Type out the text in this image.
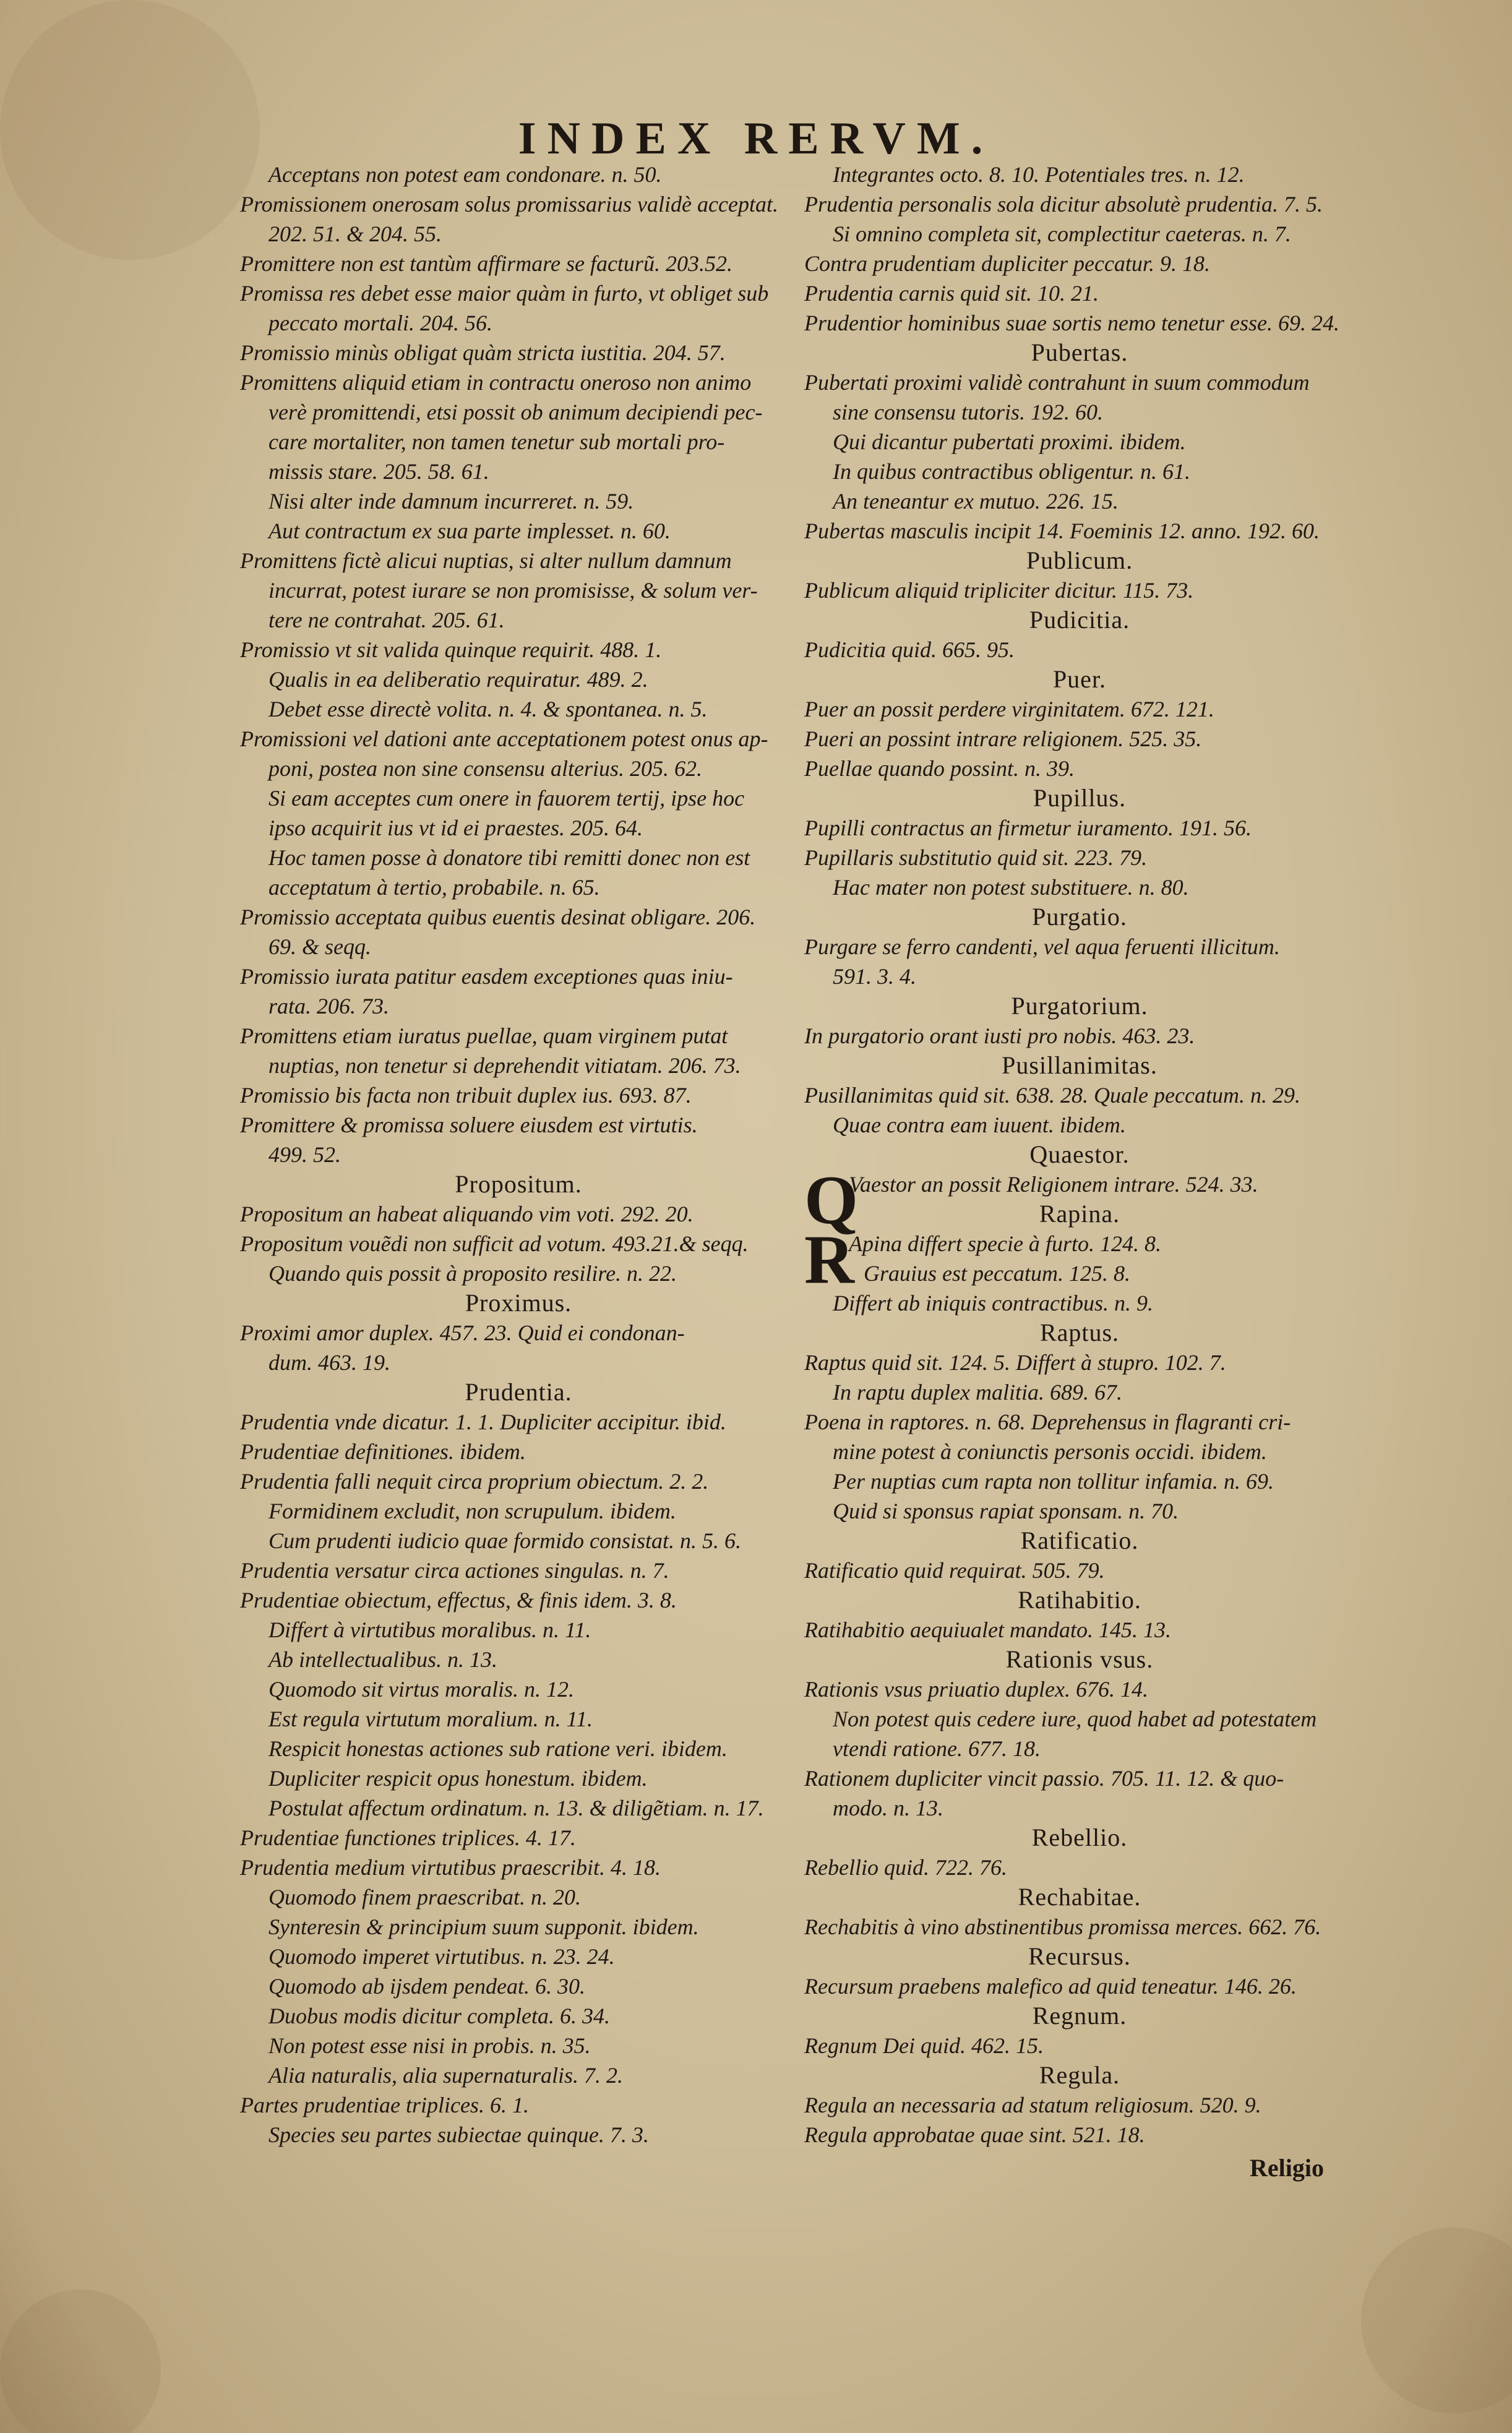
INDEX RERVM.
Acceptans non potest eam condonare. n. 50.
Promissionem onerosam solus promissarius validè acceptat.
202. 51. & 204. 55.
Promittere non est tantùm affirmare se facturũ. 203.52.
Promissa res debet esse maior quàm in furto, vt obliget sub
peccato mortali. 204. 56.
Promissio minùs obligat quàm stricta iustitia. 204. 57.
Promittens aliquid etiam in contractu oneroso non animo
verè promittendi, etsi possit ob animum decipiendi pec-
care mortaliter, non tamen tenetur sub mortali pro-
missis stare. 205. 58. 61.
Nisi alter inde damnum incurreret. n. 59.
Aut contractum ex sua parte implesset. n. 60.
Promittens fictè alicui nuptias, si alter nullum damnum
incurrat, potest iurare se non promisisse, & solum ver-
tere ne contrahat. 205. 61.
Promissio vt sit valida quinque requirit. 488. 1.
Qualis in ea deliberatio requiratur. 489. 2.
Debet esse directè volita. n. 4. & spontanea. n. 5.
Promissioni vel dationi ante acceptationem potest onus ap-
poni, postea non sine consensu alterius. 205. 62.
Si eam acceptes cum onere in fauorem tertij, ipse hoc
ipso acquirit ius vt id ei praestes. 205. 64.
Hoc tamen posse à donatore tibi remitti donec non est
acceptatum à tertio, probabile. n. 65.
Promissio acceptata quibus euentis desinat obligare. 206.
69. & seqq.
Promissio iurata patitur easdem exceptiones quas iniu-
rata. 206. 73.
Promittens etiam iuratus puellae, quam virginem putat
nuptias, non tenetur si deprehendit vitiatam. 206. 73.
Promissio bis facta non tribuit duplex ius. 693. 87.
Promittere & promissa soluere eiusdem est virtutis.
499. 52.
Propositum.
Propositum an habeat aliquando vim voti. 292. 20.
Propositum vouẽdi non sufficit ad votum. 493.21.& seqq.
Quando quis possit à proposito resilire. n. 22.
Proximus.
Proximi amor duplex. 457. 23. Quid ei condonan-
dum. 463. 19.
Prudentia.
Prudentia vnde dicatur. 1. 1. Dupliciter accipitur. ibid.
Prudentiae definitiones. ibidem.
Prudentia falli nequit circa proprium obiectum. 2. 2.
Formidinem excludit, non scrupulum. ibidem.
Cum prudenti iudicio quae formido consistat. n. 5. 6.
Prudentia versatur circa actiones singulas. n. 7.
Prudentiae obiectum, effectus, & finis idem. 3. 8.
Differt à virtutibus moralibus. n. 11.
Ab intellectualibus. n. 13.
Quomodo sit virtus moralis. n. 12.
Est regula virtutum moralium. n. 11.
Respicit honestas actiones sub ratione veri. ibidem.
Dupliciter respicit opus honestum. ibidem.
Postulat affectum ordinatum. n. 13. & diligẽtiam. n. 17.
Prudentiae functiones triplices. 4. 17.
Prudentia medium virtutibus praescribit. 4. 18.
Quomodo finem praescribat. n. 20.
Synteresin & principium suum supponit. ibidem.
Quomodo imperet virtutibus. n. 23. 24.
Quomodo ab ijsdem pendeat. 6. 30.
Duobus modis dicitur completa. 6. 34.
Non potest esse nisi in probis. n. 35.
Alia naturalis, alia supernaturalis. 7. 2.
Partes prudentiae triplices. 6. 1.
Species seu partes subiectae quinque. 7. 3.
Integrantes octo. 8. 10. Potentiales tres. n. 12.
Prudentia personalis sola dicitur absolutè prudentia. 7. 5.
Si omnino completa sit, complectitur caeteras. n. 7.
Contra prudentiam dupliciter peccatur. 9. 18.
Prudentia carnis quid sit. 10. 21.
Prudentior hominibus suae sortis nemo tenetur esse. 69. 24.
Pubertas.
Pubertati proximi validè contrahunt in suum commodum
sine consensu tutoris. 192. 60.
Qui dicantur pubertati proximi. ibidem.
In quibus contractibus obligentur. n. 61.
An teneantur ex mutuo. 226. 15.
Pubertas masculis incipit 14. Foeminis 12. anno. 192. 60.
Publicum.
Publicum aliquid tripliciter dicitur. 115. 73.
Pudicitia.
Pudicitia quid. 665. 95.
Puer.
Puer an possit perdere virginitatem. 672. 121.
Pueri an possint intrare religionem. 525. 35.
Puellae quando possint. n. 39.
Pupillus.
Pupilli contractus an firmetur iuramento. 191. 56.
Pupillaris substitutio quid sit. 223. 79.
Hac mater non potest substituere. n. 80.
Purgatio.
Purgare se ferro candenti, vel aqua feruenti illicitum.
591. 3. 4.
Purgatorium.
In purgatorio orant iusti pro nobis. 463. 23.
Pusillanimitas.
Pusillanimitas quid sit. 638. 28. Quale peccatum. n. 29.
Quae contra eam iuuent. ibidem.
Quaestor.
Q
Vaestor an possit Religionem intrare. 524. 33.
Rapina.
R
Apina differt specie à furto. 124. 8.
Grauius est peccatum. 125. 8.
Differt ab iniquis contractibus. n. 9.
Raptus.
Raptus quid sit. 124. 5. Differt à stupro. 102. 7.
In raptu duplex malitia. 689. 67.
Poena in raptores. n. 68. Deprehensus in flagranti cri-
mine potest à coniunctis personis occidi. ibidem.
Per nuptias cum rapta non tollitur infamia. n. 69.
Quid si sponsus rapiat sponsam. n. 70.
Ratificatio.
Ratificatio quid requirat. 505. 79.
Ratihabitio.
Ratihabitio aequiualet mandato. 145. 13.
Rationis vsus.
Rationis vsus priuatio duplex. 676. 14.
Non potest quis cedere iure, quod habet ad potestatem
vtendi ratione. 677. 18.
Rationem dupliciter vincit passio. 705. 11. 12. & quo-
modo. n. 13.
Rebellio.
Rebellio quid. 722. 76.
Rechabitae.
Rechabitis à vino abstinentibus promissa merces. 662. 76.
Recursus.
Recursum praebens malefico ad quid teneatur. 146. 26.
Regnum.
Regnum Dei quid. 462. 15.
Regula.
Regula an necessaria ad statum religiosum. 520. 9.
Regula approbatae quae sint. 521. 18.
Religio
